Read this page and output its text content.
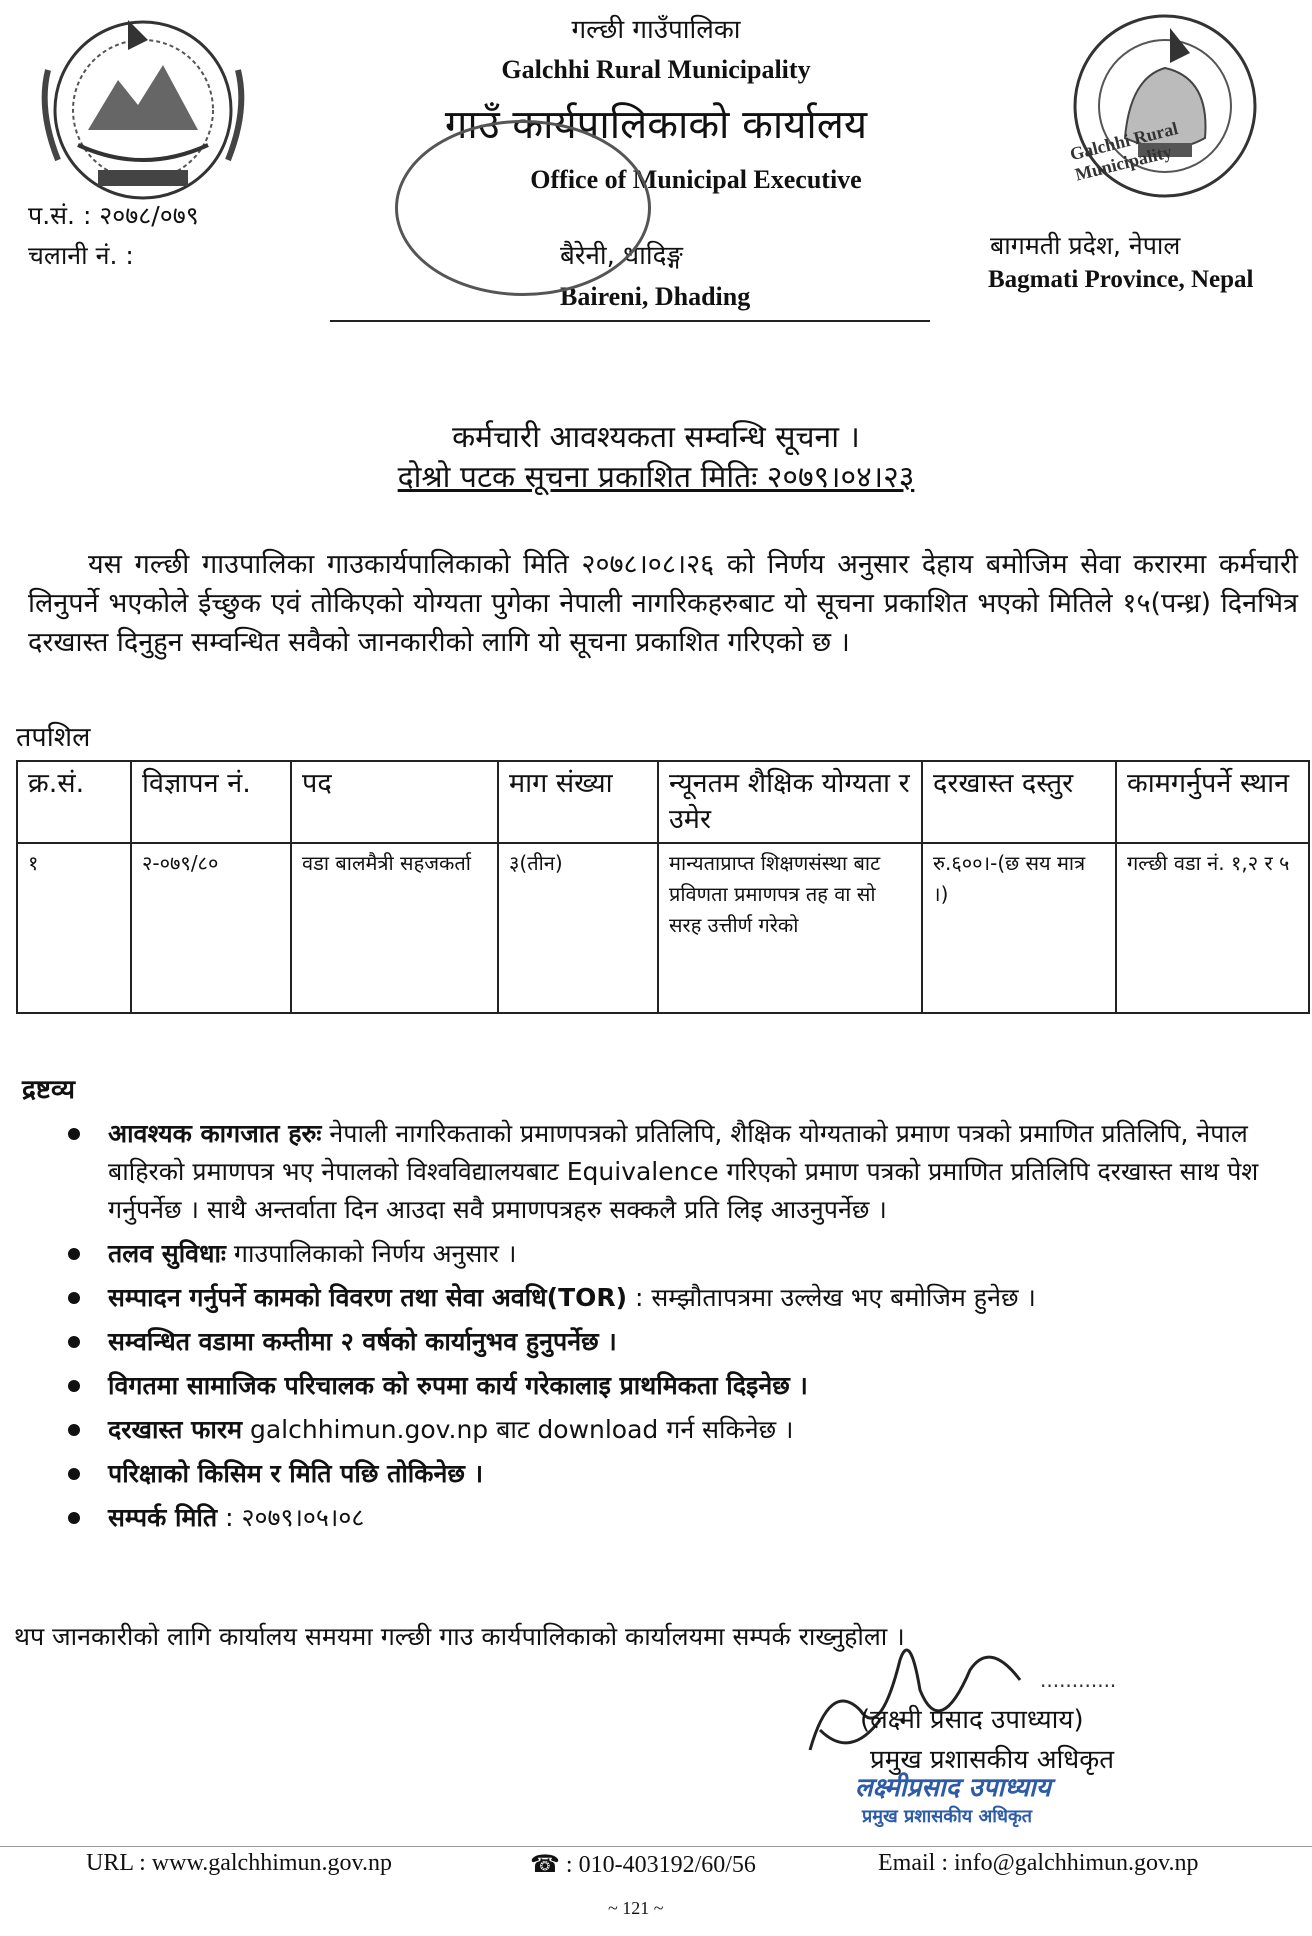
Galchhi Rural Municipality
गल्छी गाउँपालिका
Galchhi Rural Municipality
गाउँ कार्यपालिकाको कार्यालय
Office of Municipal Executive
बैरेनी, धादिङ्ग
Baireni, Dhading
प.सं. : २०७८/०७९
चलानी नं. :	बागमती प्रदेश, नेपाल
Bagmati Province, Nepal
कर्मचारी आवश्यकता सम्वन्धि सूचना ।
दोश्रो पटक सूचना प्रकाशित मितिः २०७९।०४।२३
यस गल्छी गाउपालिका गाउकार्यपालिकाको मिति २०७८।०८।२६ को निर्णय अनुसार देहाय बमोजिम सेवा करारमा कर्मचारी लिनुपर्ने भएकोले ईच्छुक एवं तोकिएको योग्यता पुगेका नेपाली नागरिकहरुबाट यो सूचना प्रकाशित भएको मितिले १५(पन्ध्र) दिनभित्र दरखास्त दिनुहुन सम्वन्धित सवैको जानकारीको लागि यो सूचना प्रकाशित गरिएको छ ।
तपशिल
क्र.सं.	विज्ञापन नं.	पद	माग संख्या	न्यूनतम शैक्षिक योग्यता र उमेर	दरखास्त दस्तुर	कामगर्नुपर्ने स्थान
१	२-०७९/८०	वडा बालमैत्री सहजकर्ता	३(तीन)	मान्यताप्राप्त शिक्षणसंस्था बाट प्रविणता प्रमाणपत्र तह वा सो सरह उत्तीर्ण गरेको	रु.६००।-(छ सय मात्र ।)	गल्छी वडा नं. १,२ र ५
द्रष्टव्य
आवश्यक कागजात हरुः नेपाली नागरिकताको प्रमाणपत्रको प्रतिलिपि, शैक्षिक योग्यताको प्रमाण पत्रको प्रमाणित प्रतिलिपि, नेपाल बाहिरको प्रमाणपत्र भए नेपालको विश्वविद्यालयबाट Equivalence गरिएको प्रमाण पत्रको प्रमाणित प्रतिलिपि दरखास्त साथ पेश गर्नुपर्नेछ । साथै अन्तर्वाता दिन आउदा सवै प्रमाणपत्रहरु सक्कलै प्रति लिइ आउनुपर्नेछ ।
तलव सुविधाः गाउपालिकाको निर्णय अनुसार ।
सम्पादन गर्नुपर्ने कामको विवरण तथा सेवा अवधि(TOR) : सम्झौतापत्रमा उल्लेख भए बमोजिम हुनेछ ।
सम्वन्धित वडामा कम्तीमा २ वर्षको कार्यानुभव हुनुपर्नेछ ।
विगतमा सामाजिक परिचालक को रुपमा कार्य गरेकालाइ प्राथमिकता दिइनेछ ।
दरखास्त फारम galchhimun.gov.np बाट download गर्न सकिनेछ ।
परिक्षाको किसिम र मिति पछि तोकिनेछ ।
सम्पर्क मिति : २०७९।०५।०८
थप जानकारीको लागि कार्यालय समयमा गल्छी गाउ कार्यपालिकाको कार्यालयमा सम्पर्क राख्नुहोला ।
............
(लक्ष्मी प्रसाद उपाध्याय)
प्रमुख प्रशासकीय अधिकृत
लक्ष्मीप्रसाद उपाध्याय
प्रमुख प्रशासकीय अधिकृत
URL : www.galchhimun.gov.np	☎ : 010-403192/60/56	Email : info@galchhimun.gov.np
~ 121 ~
